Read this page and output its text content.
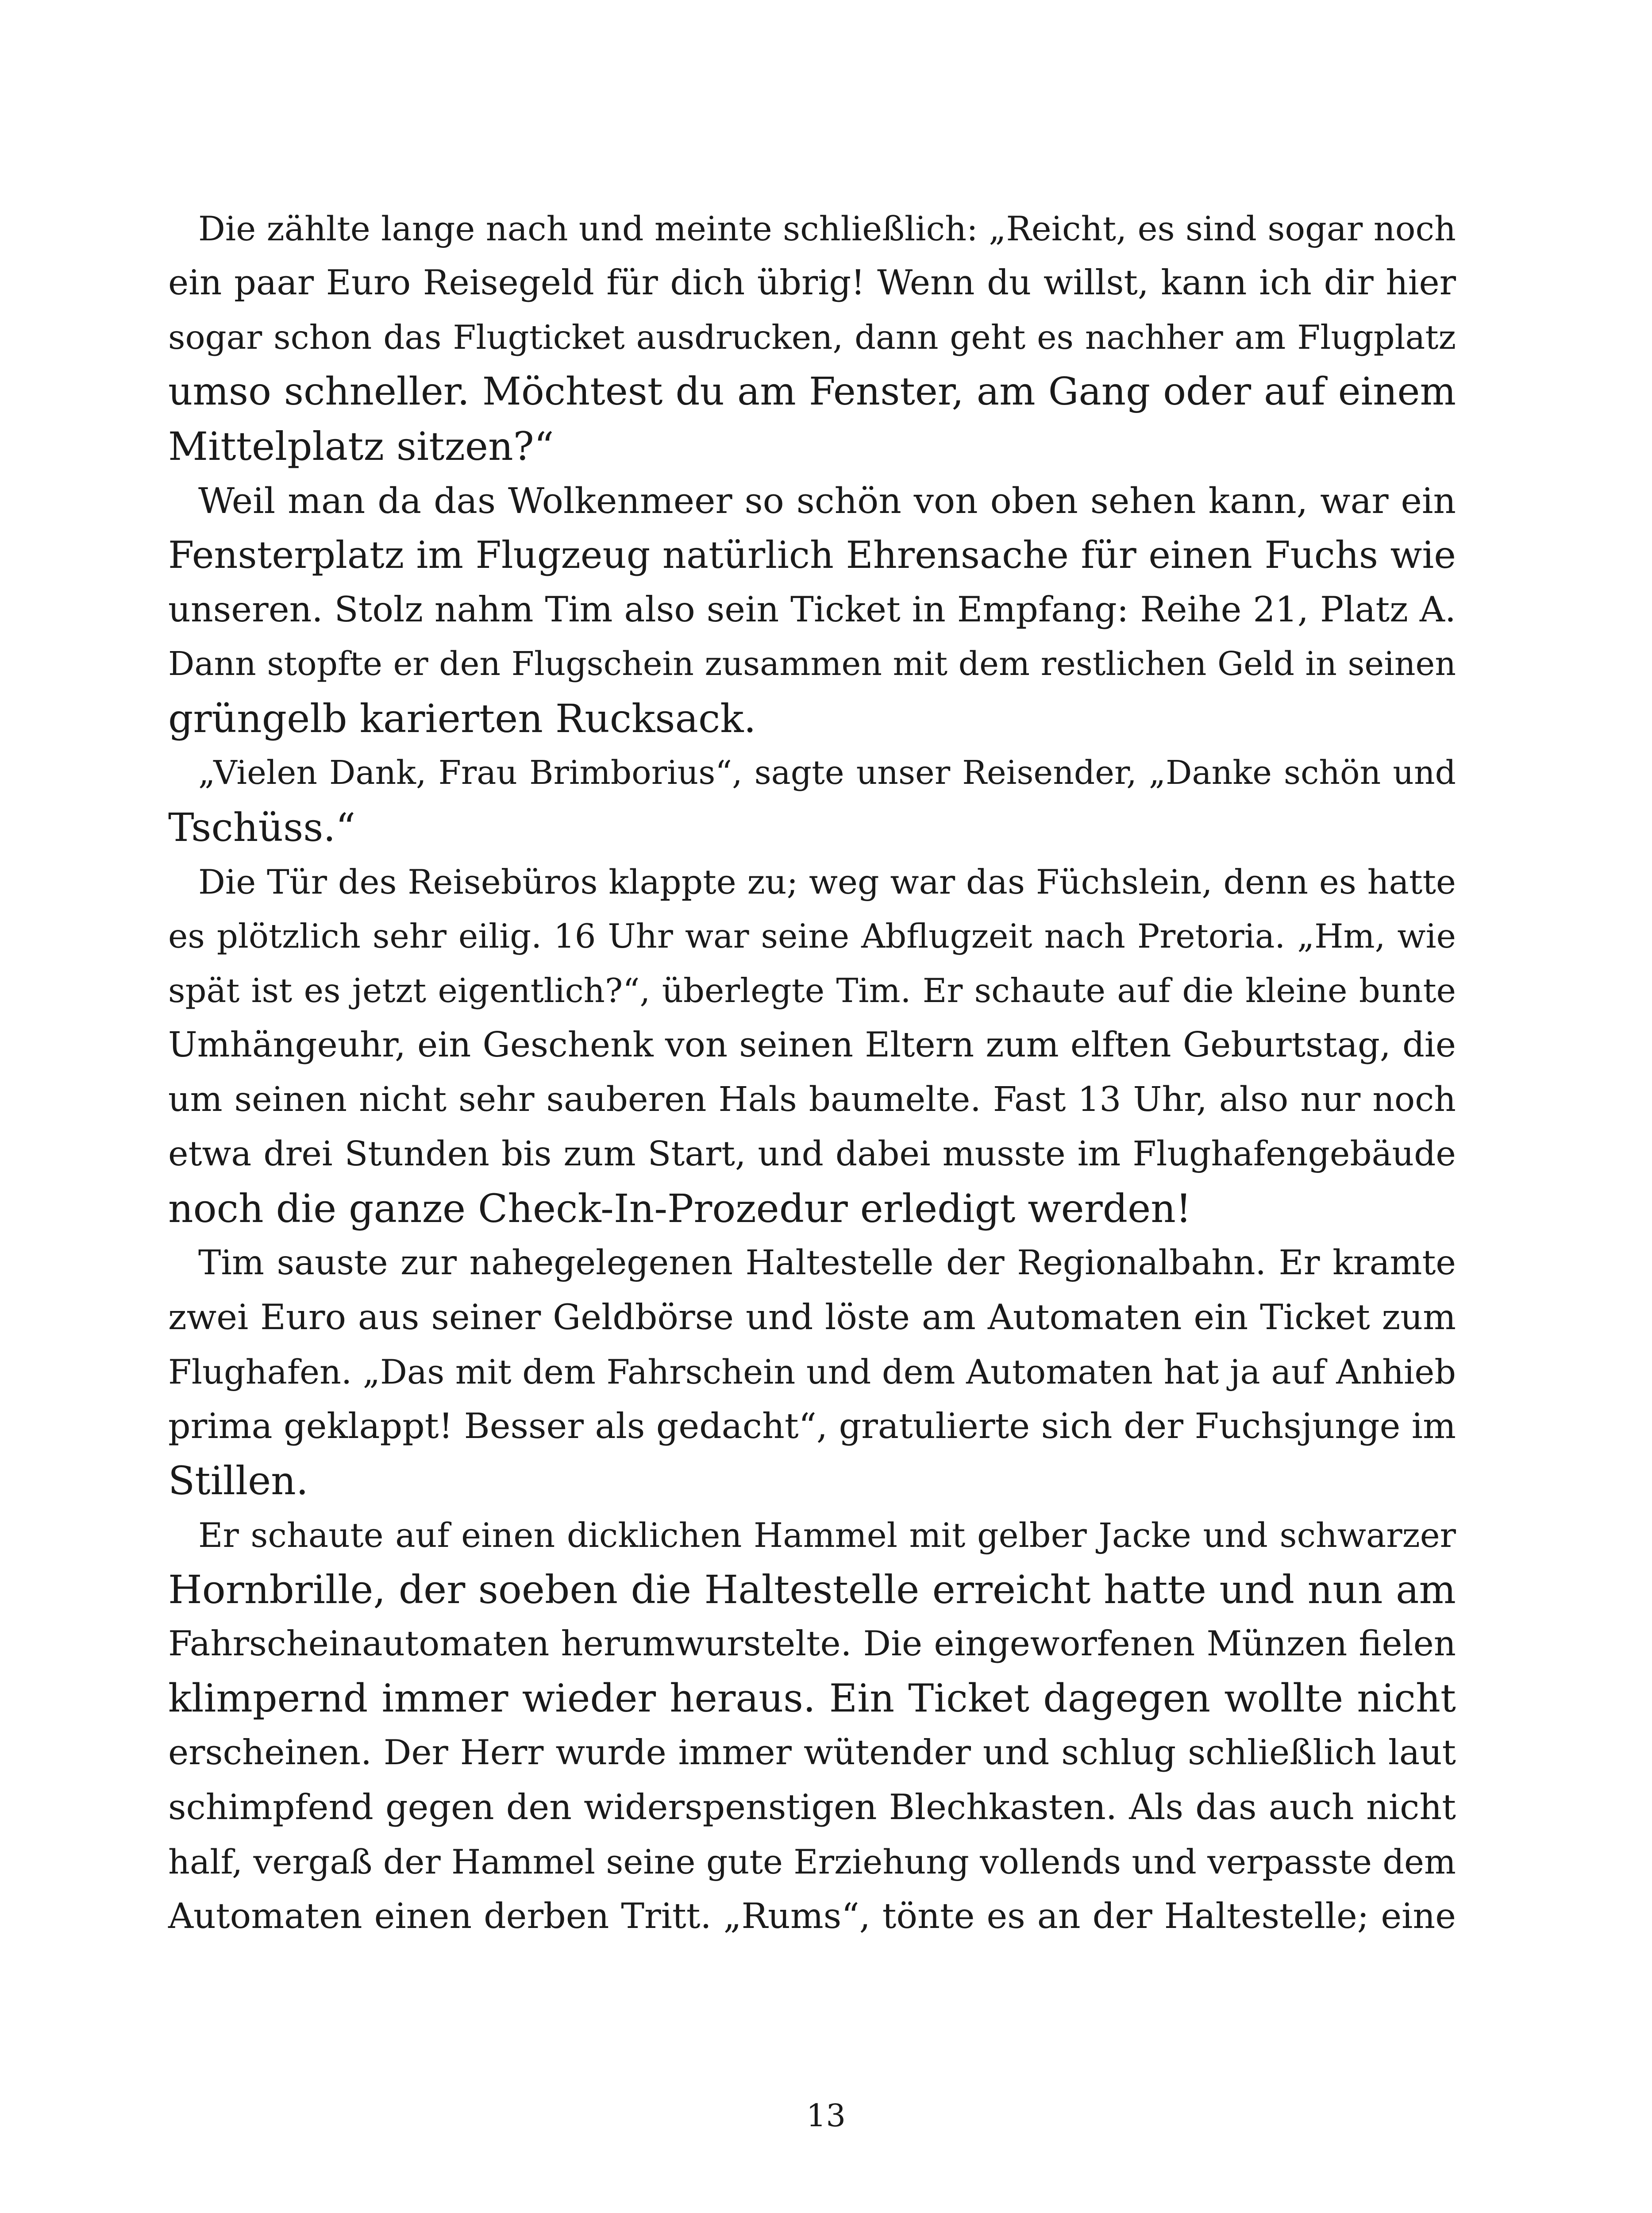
Die zählte lange nach und meinte schließlich: „Reicht, es sind sogar noch
ein paar Euro Reisegeld für dich übrig! Wenn du willst, kann ich dir hier
sogar schon das Flugticket ausdrucken, dann geht es nachher am Flugplatz
umso schneller. Möchtest du am Fenster, am Gang oder auf einem
Mittelplatz sitzen?“
Weil man da das Wolkenmeer so schön von oben sehen kann, war ein
Fensterplatz im Flugzeug natürlich Ehrensache für einen Fuchs wie
unseren. Stolz nahm Tim also sein Ticket in Empfang: Reihe 21, Platz A.
Dann stopfte er den Flugschein zusammen mit dem restlichen Geld in seinen
grüngelb karierten Rucksack.
„Vielen Dank, Frau Brimborius“, sagte unser Reisender, „Danke schön und
Tschüss.“
Die Tür des Reisebüros klappte zu; weg war das Füchslein, denn es hatte
es plötzlich sehr eilig. 16 Uhr war seine Abflugzeit nach Pretoria. „Hm, wie
spät ist es jetzt eigentlich?“, überlegte Tim. Er schaute auf die kleine bunte
Umhängeuhr, ein Geschenk von seinen Eltern zum elften Geburtstag, die
um seinen nicht sehr sauberen Hals baumelte. Fast 13 Uhr, also nur noch
etwa drei Stunden bis zum Start, und dabei musste im Flughafengebäude
noch die ganze Check-In-Prozedur erledigt werden!
Tim sauste zur nahegelegenen Haltestelle der Regionalbahn. Er kramte
zwei Euro aus seiner Geldbörse und löste am Automaten ein Ticket zum
Flughafen. „Das mit dem Fahrschein und dem Automaten hat ja auf Anhieb
prima geklappt! Besser als gedacht“, gratulierte sich der Fuchsjunge im
Stillen.
Er schaute auf einen dicklichen Hammel mit gelber Jacke und schwarzer
Hornbrille, der soeben die Haltestelle erreicht hatte und nun am
Fahrscheinautomaten herumwurstelte. Die eingeworfenen Münzen fielen
klimpernd immer wieder heraus. Ein Ticket dagegen wollte nicht
erscheinen. Der Herr wurde immer wütender und schlug schließlich laut
schimpfend gegen den widerspenstigen Blechkasten. Als das auch nicht
half, vergaß der Hammel seine gute Erziehung vollends und verpasste dem
Automaten einen derben Tritt. „Rums“, tönte es an der Haltestelle; eine
13
